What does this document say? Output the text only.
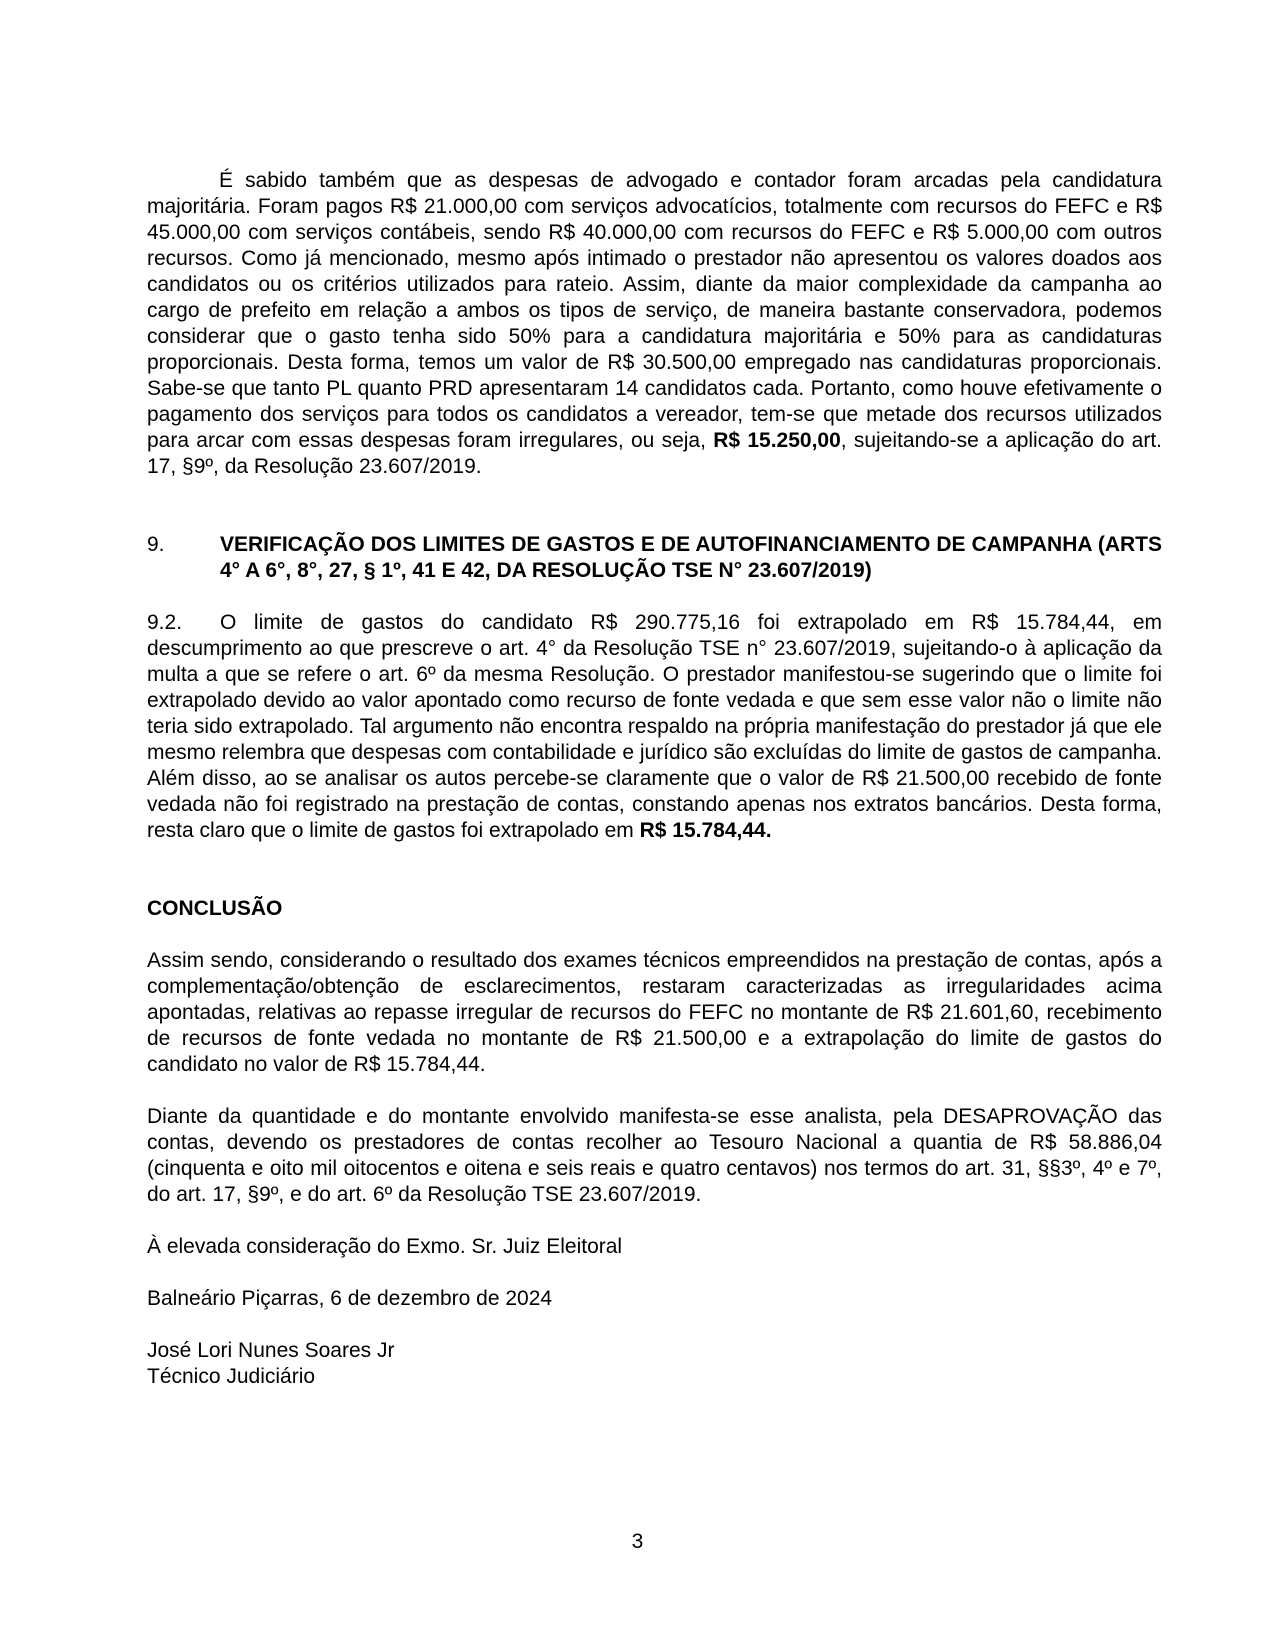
É sabido também que as despesas de advogado e contador foram arcadas pela candidatura majoritária. Foram pagos R$ 21.000,00 com serviços advocatícios, totalmente com recursos do FEFC e R$ 45.000,00 com serviços contábeis, sendo R$ 40.000,00 com recursos do FEFC e R$ 5.000,00 com outros recursos. Como já mencionado, mesmo após intimado o prestador não apresentou os valores doados aos candidatos ou os critérios utilizados para rateio. Assim, diante da maior complexidade da campanha ao cargo de prefeito em relação a ambos os tipos de serviço, de maneira bastante conservadora, podemos considerar que o gasto tenha sido 50% para a candidatura majoritária e 50% para as candidaturas proporcionais. Desta forma, temos um valor de R$ 30.500,00 empregado nas candidaturas proporcionais. Sabe-se que tanto PL quanto PRD apresentaram 14 candidatos cada. Portanto, como houve efetivamente o pagamento dos serviços para todos os candidatos a vereador, tem-se que metade dos recursos utilizados para arcar com essas despesas foram irregulares, ou seja, R$ 15.250,00, sujeitando-se a aplicação do art. 17, §9º, da Resolução 23.607/2019.

9.	VERIFICAÇÃO DOS LIMITES DE GASTOS E DE AUTOFINANCIAMENTO DE CAMPANHA (ARTS 4° A 6°, 8°, 27, § 1º, 41 E 42, DA RESOLUÇÃO TSE N° 23.607/2019)

9.2. O limite de gastos do candidato R$ 290.775,16 foi extrapolado em R$ 15.784,44, em descumprimento ao que prescreve o art. 4° da Resolução TSE n° 23.607/2019, sujeitando-o à aplicação da multa a que se refere o art. 6º da mesma Resolução. O prestador manifestou-se sugerindo que o limite foi extrapolado devido ao valor apontado como recurso de fonte vedada e que sem esse valor não o limite não teria sido extrapolado. Tal argumento não encontra respaldo na própria manifestação do prestador já que ele mesmo relembra que despesas com contabilidade e jurídico são excluídas do limite de gastos de campanha. Além disso, ao se analisar os autos percebe-se claramente que o valor de R$ 21.500,00 recebido de fonte vedada não foi registrado na prestação de contas, constando apenas nos extratos bancários. Desta forma, resta claro que o limite de gastos foi extrapolado em R$ 15.784,44.

CONCLUSÃO

Assim sendo, considerando o resultado dos exames técnicos empreendidos na prestação de contas, após a complementação/obtenção de esclarecimentos, restaram caracterizadas as irregularidades acima apontadas, relativas ao repasse irregular de recursos do FEFC no montante de R$ 21.601,60, recebimento de recursos de fonte vedada no montante de R$ 21.500,00 e a extrapolação do limite de gastos do candidato no valor de R$ 15.784,44.

Diante da quantidade e do montante envolvido manifesta-se esse analista, pela DESAPROVAÇÃO das contas, devendo os prestadores de contas recolher ao Tesouro Nacional a quantia de R$ 58.886,04 (cinquenta e oito mil oitocentos e oitena e seis reais e quatro centavos) nos termos do art. 31, §§3º, 4º e 7º, do art. 17, §9º, e do art. 6º da Resolução TSE 23.607/2019.

À elevada consideração do Exmo. Sr. Juiz Eleitoral

Balneário Piçarras, 6 de dezembro de 2024

José Lori Nunes Soares Jr
Técnico Judiciário

3
